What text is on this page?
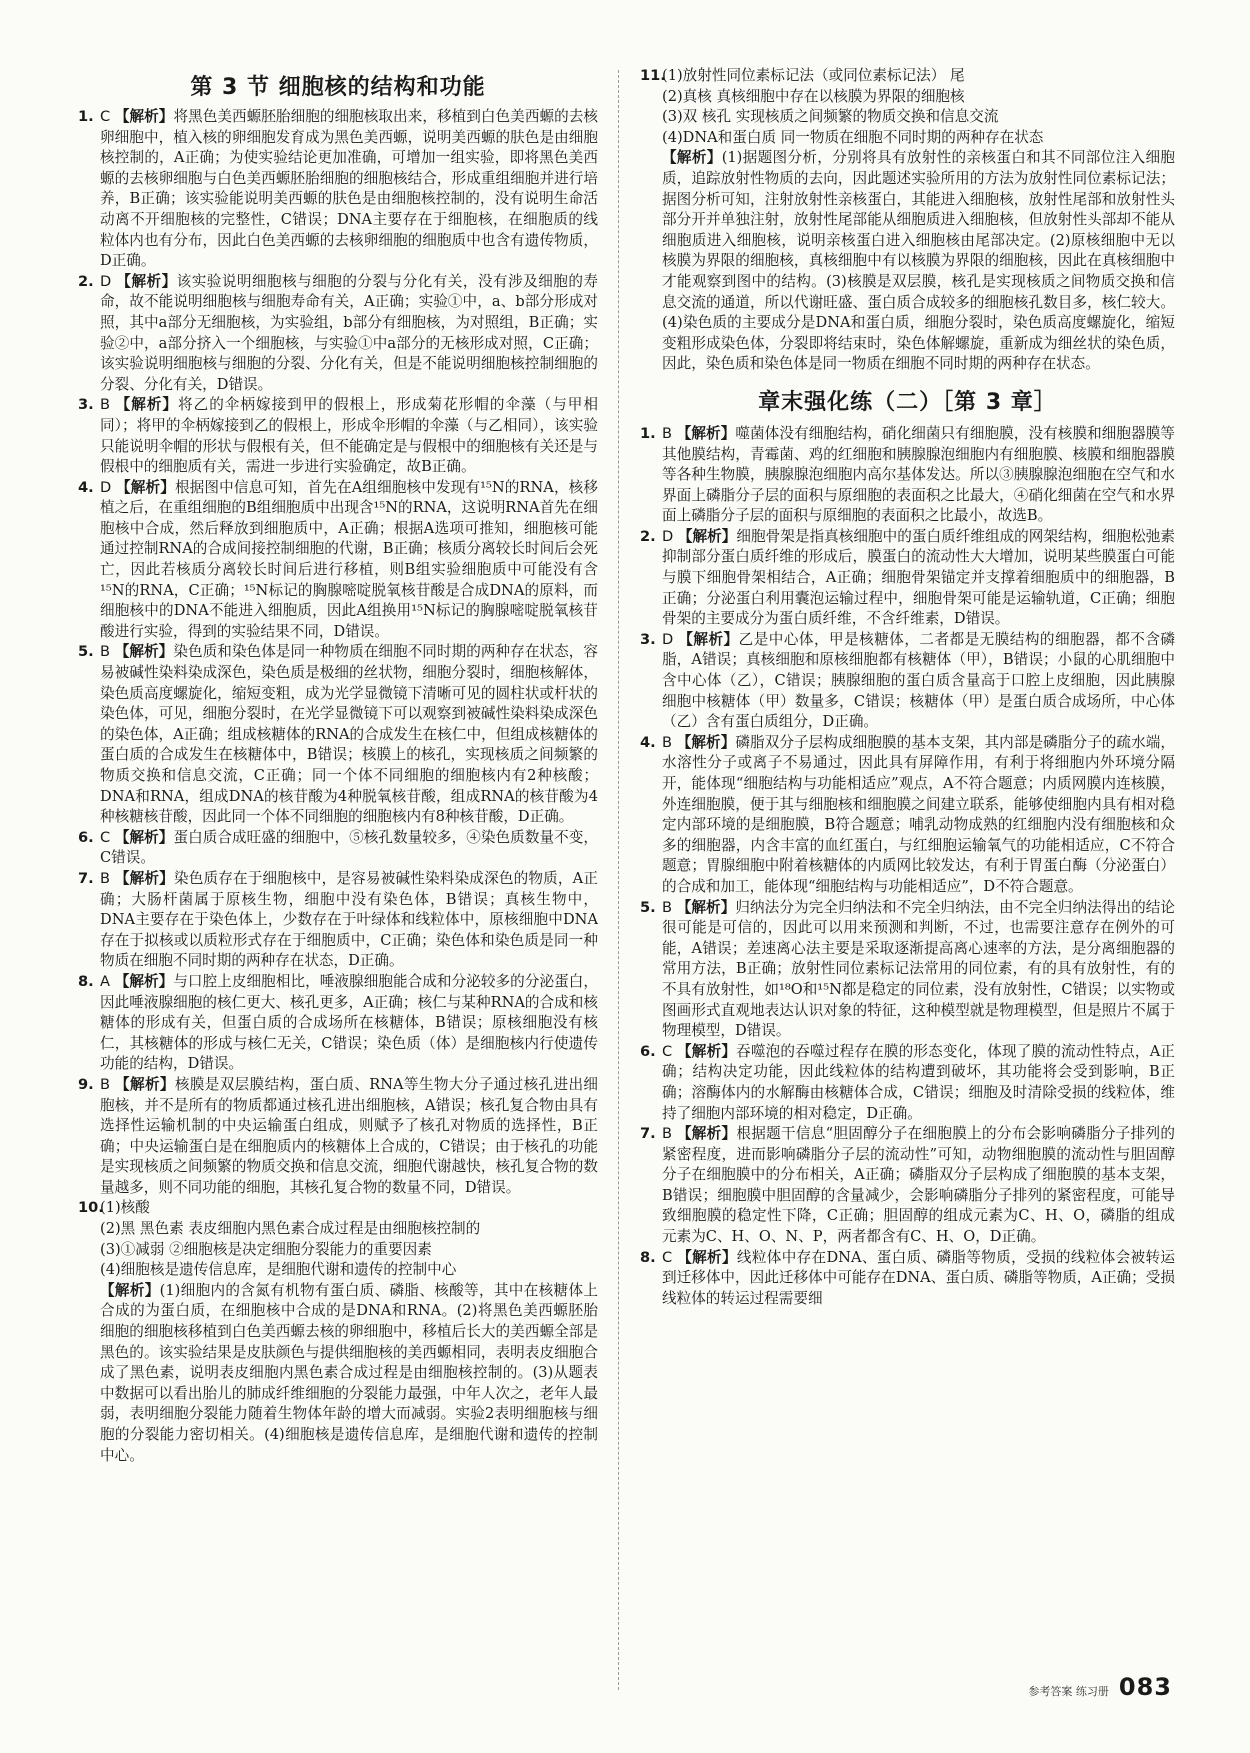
第 3 节 细胞核的结构和功能

1. C 【解析】将黑色美西螈胚胎细胞的细胞核取出来，移植到白色美西螈的去核卵细胞中，植入核的卵细胞发育成为黑色美西螈，说明美西螈的肤色是由细胞核控制的，A正确；为使实验结论更加准确，可增加一组实验，即将黑色美西螈的去核卵细胞与白色美西螈胚胎细胞的细胞核结合，形成重组细胞并进行培养，B正确；该实验能说明美西螈的肤色是由细胞核控制的，没有说明生命活动离不开细胞核的完整性，C错误；DNA主要存在于细胞核，在细胞质的线粒体内也有分布，因此白色美西螈的去核卵细胞的细胞质中也含有遗传物质，D正确。

2. D 【解析】该实验说明细胞核与细胞的分裂与分化有关，没有涉及细胞的寿命，故不能说明细胞核与细胞寿命有关，A正确；实验①中，a、b部分形成对照，其中a部分无细胞核，为实验组，b部分有细胞核，为对照组，B正确；实验②中，a部分挤入一个细胞核，与实验①中a部分的无核形成对照，C正确；该实验说明细胞核与细胞的分裂、分化有关，但是不能说明细胞核控制细胞的分裂、分化有关，D错误。

3. B 【解析】将乙的伞柄嫁接到甲的假根上，形成菊花形帽的伞藻（与甲相同）；将甲的伞柄嫁接到乙的假根上，形成伞形帽的伞藻（与乙相同），该实验只能说明伞帽的形状与假根有关，但不能确定是与假根中的细胞核有关还是与假根中的细胞质有关，需进一步进行实验确定，故B正确。

4. D 【解析】根据图中信息可知，首先在A组细胞核中发现有¹⁵N的RNA，核移植之后，在重组细胞的B组细胞质中出现含¹⁵N的RNA，这说明RNA首先在细胞核中合成，然后释放到细胞质中，A正确；根据A选项可推知，细胞核可能通过控制RNA的合成间接控制细胞的代谢，B正确；核质分离较长时间后会死亡，因此若核质分离较长时间后进行移植，则B组实验细胞质中可能没有含¹⁵N的RNA，C正确；¹⁵N标记的胸腺嘧啶脱氧核苷酸是合成DNA的原料，而细胞核中的DNA不能进入细胞质，因此A组换用¹⁵N标记的胸腺嘧啶脱氧核苷酸进行实验，得到的实验结果不同，D错误。

5. B 【解析】染色质和染色体是同一种物质在细胞不同时期的两种存在状态，容易被碱性染料染成深色，染色质是极细的丝状物，细胞分裂时，细胞核解体，染色质高度螺旋化，缩短变粗，成为光学显微镜下清晰可见的圆柱状或杆状的染色体，可见，细胞分裂时，在光学显微镜下可以观察到被碱性染料染成深色的染色体，A正确；组成核糖体的RNA的合成发生在核仁中，但组成核糖体的蛋白质的合成发生在核糖体中，B错误；核膜上的核孔，实现核质之间频繁的物质交换和信息交流，C正确；同一个体不同细胞的细胞核内有2种核酸；DNA和RNA，组成DNA的核苷酸为4种脱氧核苷酸，组成RNA的核苷酸为4种核糖核苷酸，因此同一个体不同细胞的细胞核内有8种核苷酸，D正确。

6. C 【解析】蛋白质合成旺盛的细胞中，⑤核孔数量较多，④染色质数量不变，C错误。

7. B 【解析】染色质存在于细胞核中，是容易被碱性染料染成深色的物质，A正确；大肠杆菌属于原核生物，细胞中没有染色体，B错误；真核生物中，DNA主要存在于染色体上，少数存在于叶绿体和线粒体中，原核细胞中DNA存在于拟核或以质粒形式存在于细胞质中，C正确；染色体和染色质是同一种物质在细胞不同时期的两种存在状态，D正确。

8. A 【解析】与口腔上皮细胞相比，唾液腺细胞能合成和分泌较多的分泌蛋白，因此唾液腺细胞的核仁更大、核孔更多，A正确；核仁与某种RNA的合成和核糖体的形成有关，但蛋白质的合成场所在核糖体，B错误；原核细胞没有核仁，其核糖体的形成与核仁无关，C错误；染色质（体）是细胞核内行使遗传功能的结构，D错误。

9. B 【解析】核膜是双层膜结构，蛋白质、RNA等生物大分子通过核孔进出细胞核，并不是所有的物质都通过核孔进出细胞核，A错误；核孔复合物由具有选择性运输机制的中央运输蛋白组成，则赋予了核孔对物质的选择性，B正确；中央运输蛋白是在细胞质内的核糖体上合成的，C错误；由于核孔的功能是实现核质之间频繁的物质交换和信息交流，细胞代谢越快，核孔复合物的数量越多，则不同功能的细胞，其核孔复合物的数量不同，D错误。

10.(1)核酸

(2)黑 黑色素 表皮细胞内黑色素合成过程是由细胞核控制的

(3)①减弱 ②细胞核是决定细胞分裂能力的重要因素

(4)细胞核是遗传信息库，是细胞代谢和遗传的控制中心

【解析】(1)细胞内的含氮有机物有蛋白质、磷脂、核酸等，其中在核糖体上合成的为蛋白质，在细胞核中合成的是DNA和RNA。(2)将黑色美西螈胚胎细胞的细胞核移植到白色美西螈去核的卵细胞中，移植后长大的美西螈全部是黑色的。该实验结果是皮肤颜色与提供细胞核的美西螈相同，表明表皮细胞合成了黑色素，说明表皮细胞内黑色素合成过程是由细胞核控制的。(3)从题表中数据可以看出胎儿的肺成纤维细胞的分裂能力最强，中年人次之，老年人最弱，表明细胞分裂能力随着生物体年龄的增大而减弱。实验2表明细胞核与细胞的分裂能力密切相关。(4)细胞核是遗传信息库，是细胞代谢和遗传的控制中心。

11.(1)放射性同位素标记法（或同位素标记法） 尾

(2)真核 真核细胞中存在以核膜为界限的细胞核

(3)双 核孔 实现核质之间频繁的物质交换和信息交流

(4)DNA和蛋白质 同一物质在细胞不同时期的两种存在状态

【解析】(1)据题图分析，分别将具有放射性的亲核蛋白和其不同部位注入细胞质，追踪放射性物质的去向，因此题述实验所用的方法为放射性同位素标记法；据图分析可知，注射放射性亲核蛋白，其能进入细胞核，放射性尾部和放射性头部分开并单独注射，放射性尾部能从细胞质进入细胞核，但放射性头部却不能从细胞质进入细胞核，说明亲核蛋白进入细胞核由尾部决定。(2)原核细胞中无以核膜为界限的细胞核，真核细胞中有以核膜为界限的细胞核，因此在真核细胞中才能观察到图中的结构。(3)核膜是双层膜，核孔是实现核质之间物质交换和信息交流的通道，所以代谢旺盛、蛋白质合成较多的细胞核孔数目多，核仁较大。(4)染色质的主要成分是DNA和蛋白质，细胞分裂时，染色质高度螺旋化，缩短变粗形成染色体，分裂即将结束时，染色体解螺旋，重新成为细丝状的染色质，因此，染色质和染色体是同一物质在细胞不同时期的两种存在状态。

章末强化练（二）［第 3 章］

1. B 【解析】噬菌体没有细胞结构，硝化细菌只有细胞膜，没有核膜和细胞器膜等其他膜结构，青霉菌、鸡的红细胞和胰腺腺泡细胞内有细胞膜、核膜和细胞器膜等各种生物膜，胰腺腺泡细胞内高尔基体发达。所以③胰腺腺泡细胞在空气和水界面上磷脂分子层的面积与原细胞的表面积之比最大，④硝化细菌在空气和水界面上磷脂分子层的面积与原细胞的表面积之比最小，故选B。

2. D 【解析】细胞骨架是指真核细胞中的蛋白质纤维组成的网架结构，细胞松弛素抑制部分蛋白质纤维的形成后，膜蛋白的流动性大大增加，说明某些膜蛋白可能与膜下细胞骨架相结合，A正确；细胞骨架锚定并支撑着细胞质中的细胞器，B正确；分泌蛋白利用囊泡运输过程中，细胞骨架可能是运输轨道，C正确；细胞骨架的主要成分为蛋白质纤维，不含纤维素，D错误。

3. D 【解析】乙是中心体，甲是核糖体，二者都是无膜结构的细胞器，都不含磷脂，A错误；真核细胞和原核细胞都有核糖体（甲），B错误；小鼠的心肌细胞中含中心体（乙），C错误；胰腺细胞的蛋白质含量高于口腔上皮细胞，因此胰腺细胞中核糖体（甲）数量多，C错误；核糖体（甲）是蛋白质合成场所，中心体（乙）含有蛋白质组分，D正确。

4. B 【解析】磷脂双分子层构成细胞膜的基本支架，其内部是磷脂分子的疏水端，水溶性分子或离子不易通过，因此具有屏障作用，有利于将细胞内外环境分隔开，能体现“细胞结构与功能相适应”观点，A不符合题意；内质网膜内连核膜，外连细胞膜，便于其与细胞核和细胞膜之间建立联系，能够使细胞内具有相对稳定内部环境的是细胞膜，B符合题意；哺乳动物成熟的红细胞内没有细胞核和众多的细胞器，内含丰富的血红蛋白，与红细胞运输氧气的功能相适应，C不符合题意；胃腺细胞中附着核糖体的内质网比较发达，有利于胃蛋白酶（分泌蛋白）的合成和加工，能体现“细胞结构与功能相适应”，D不符合题意。

5. B 【解析】归纳法分为完全归纳法和不完全归纳法，由不完全归纳法得出的结论很可能是可信的，因此可以用来预测和判断，不过，也需要注意存在例外的可能，A错误；差速离心法主要是采取逐渐提高离心速率的方法，是分离细胞器的常用方法，B正确；放射性同位素标记法常用的同位素，有的具有放射性，有的不具有放射性，如¹⁸O和¹⁵N都是稳定的同位素，没有放射性，C错误；以实物或图画形式直观地表达认识对象的特征，这种模型就是物理模型，但是照片不属于物理模型，D错误。

6. C 【解析】吞噬泡的吞噬过程存在膜的形态变化，体现了膜的流动性特点，A正确；结构决定功能，因此线粒体的结构遭到破坏，其功能将会受到影响，B正确；溶酶体内的水解酶由核糖体合成，C错误；细胞及时清除受损的线粒体，维持了细胞内部环境的相对稳定，D正确。

7. B 【解析】根据题干信息“胆固醇分子在细胞膜上的分布会影响磷脂分子排列的紧密程度，进而影响磷脂分子层的流动性”可知，动物细胞膜的流动性与胆固醇分子在细胞膜中的分布相关，A正确；磷脂双分子层构成了细胞膜的基本支架，B错误；细胞膜中胆固醇的含量减少，会影响磷脂分子排列的紧密程度，可能导致细胞膜的稳定性下降，C正确；胆固醇的组成元素为C、H、O，磷脂的组成元素为C、H、O、N、P，两者都含有C、H、O，D正确。

8. C 【解析】线粒体中存在DNA、蛋白质、磷脂等物质，受损的线粒体会被转运到迁移体中，因此迁移体中可能存在DNA、蛋白质、磷脂等物质，A正确；受损线粒体的转运过程需要细

参考答案 练习册 083
